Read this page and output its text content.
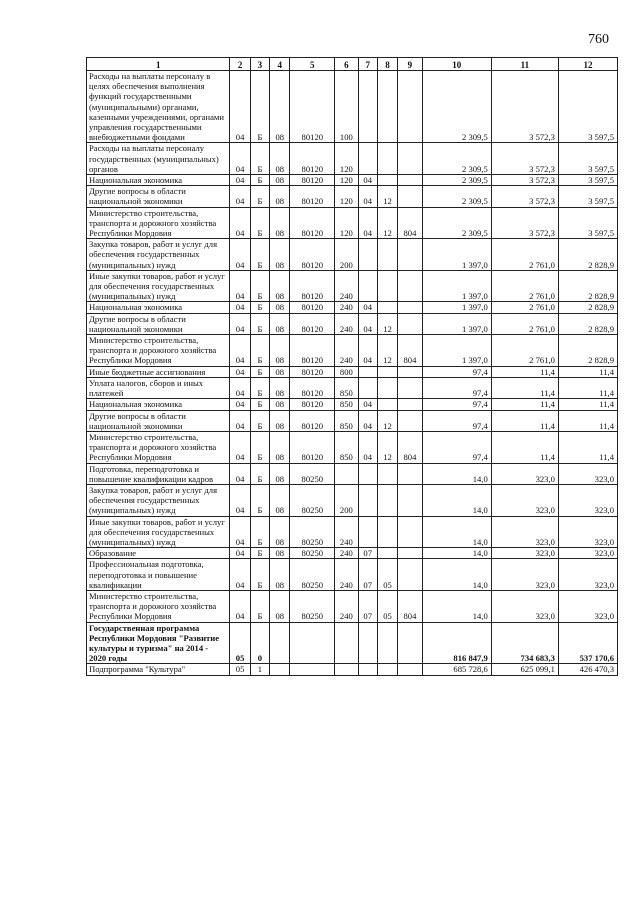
760
1	2	3	4	5	6	7	8	9	10	11	12
Расходы на выплаты персоналу в целях обеспечения выполнения функций государственными (муниципальными) органами, казенными учреждениями, органами управления государственными внебюджетными фондами	04	Б	08	80120	100				2 309,5	3 572,3	3 597,5
Расходы на выплаты персоналу государственных (муниципальных) органов	04	Б	08	80120	120				2 309,5	3 572,3	3 597,5
Национальная экономика	04	Б	08	80120	120	04			2 309,5	3 572,3	3 597,5
Другие вопросы в области национальной экономики	04	Б	08	80120	120	04	12		2 309,5	3 572,3	3 597,5
Министерство строительства, транспорта и дорожного хозяйства Республики Мордовия	04	Б	08	80120	120	04	12	804	2 309,5	3 572,3	3 597,5
Закупка товаров, работ и услуг для обеспечения государственных (муниципальных) нужд	04	Б	08	80120	200				1 397,0	2 761,0	2 828,9
Иные закупки товаров, работ и услуг для обеспечения государственных (муниципальных) нужд	04	Б	08	80120	240				1 397,0	2 761,0	2 828,9
Национальная экономика	04	Б	08	80120	240	04			1 397,0	2 761,0	2 828,9
Другие вопросы в области национальной экономики	04	Б	08	80120	240	04	12		1 397,0	2 761,0	2 828,9
Министерство строительства, транспорта и дорожного хозяйства Республики Мордовия	04	Б	08	80120	240	04	12	804	1 397,0	2 761,0	2 828,9
Иные бюджетные ассигнования	04	Б	08	80120	800				97,4	11,4	11,4
Уплата налогов, сборов и иных платежей	04	Б	08	80120	850				97,4	11,4	11,4
Национальная экономика	04	Б	08	80120	850	04			97,4	11,4	11,4
Другие вопросы в области национальной экономики	04	Б	08	80120	850	04	12		97,4	11,4	11,4
Министерство строительства, транспорта и дорожного хозяйства Республики Мордовия	04	Б	08	80120	850	04	12	804	97,4	11,4	11,4
Подготовка, переподготовка и повышение квалификации кадров	04	Б	08	80250					14,0	323,0	323,0
Закупка товаров, работ и услуг для обеспечения государственных (муниципальных) нужд	04	Б	08	80250	200				14,0	323,0	323,0
Иные закупки товаров, работ и услуг для обеспечения государственных (муниципальных) нужд	04	Б	08	80250	240				14,0	323,0	323,0
Образование	04	Б	08	80250	240	07			14,0	323,0	323,0
Профессиональная подготовка, переподготовка и повышение квалификации	04	Б	08	80250	240	07	05		14,0	323,0	323,0
Министерство строительства, транспорта и дорожного хозяйства Республики Мордовия	04	Б	08	80250	240	07	05	804	14,0	323,0	323,0
Государственная программа Республики Мордовия "Развитие культуры и туризма" на 2014 - 2020 годы	05	0							816 847,9	734 683,3	537 170,6
Подпрограмма "Культура"	05	1							685 728,6	625 099,1	426 470,3
